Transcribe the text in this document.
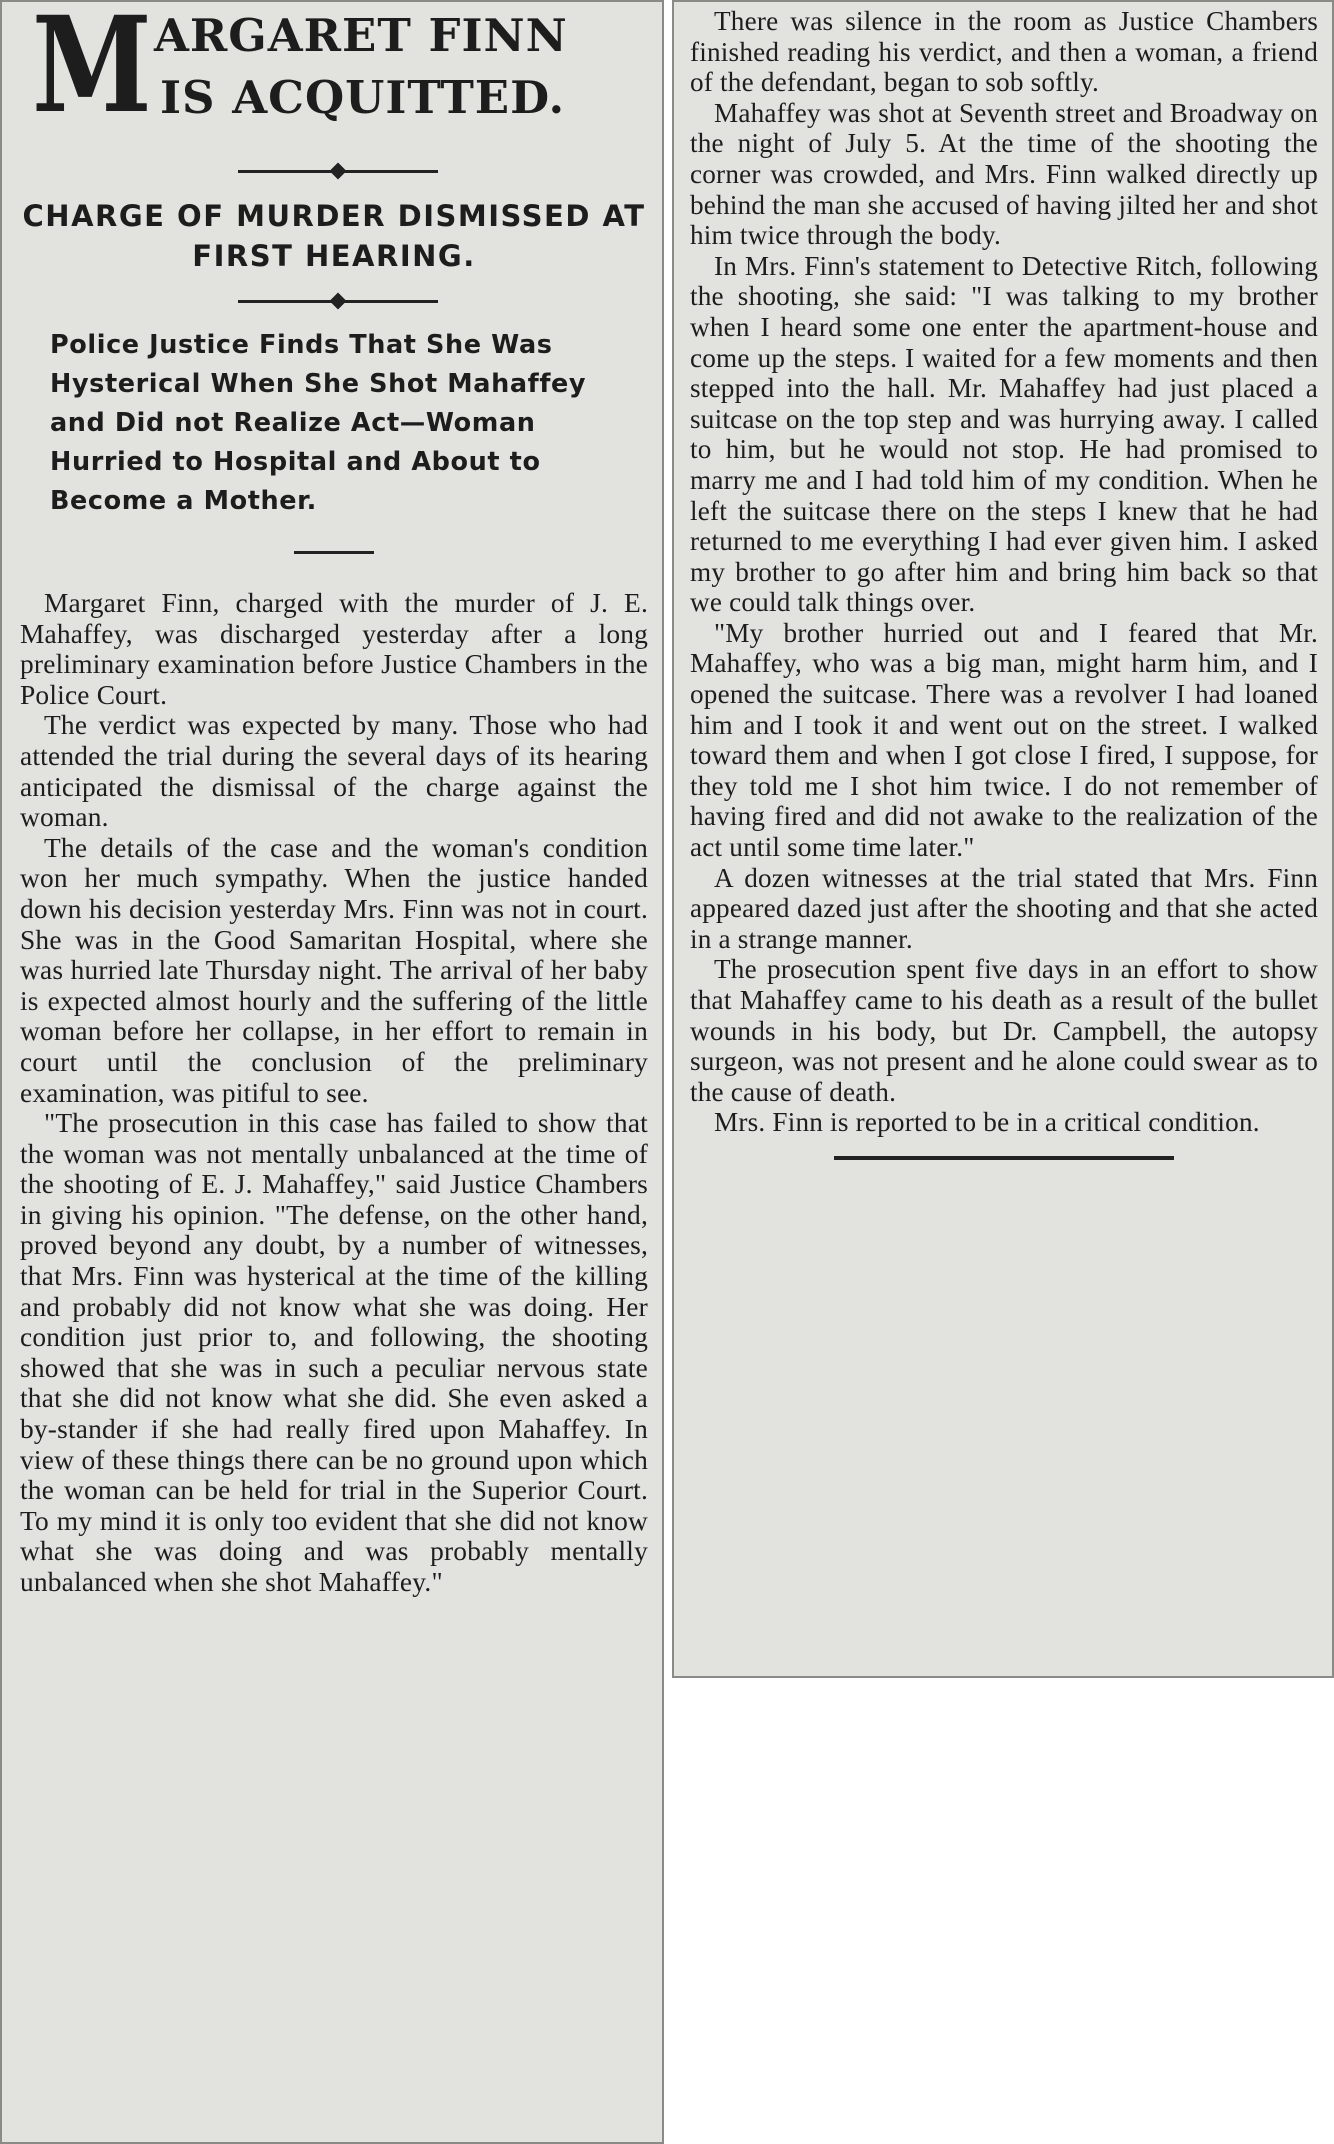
M ARGARET FINN
IS ACQUITTED.
CHARGE OF MURDER DISMISSED AT FIRST HEARING.
Police Justice Finds That She Was Hysterical When She Shot Mahaffey and Did not Realize Act—Woman Hurried to Hospital and About to Become a Mother.

Margaret Finn, charged with the murder of J. E. Mahaffey, was discharged yesterday after a long preliminary examination before Justice Chambers in the Police Court.

The verdict was expected by many. Those who had attended the trial during the several days of its hearing anticipated the dismissal of the charge against the woman.

The details of the case and the woman's condition won her much sympathy. When the justice handed down his decision yesterday Mrs. Finn was not in court. She was in the Good Samaritan Hospital, where she was hurried late Thursday night. The arrival of her baby is expected almost hourly and the suffering of the little woman before her collapse, in her effort to remain in court until the conclusion of the preliminary examination, was pitiful to see.

"The prosecution in this case has failed to show that the woman was not mentally unbalanced at the time of the shooting of E. J. Mahaffey," said Justice Chambers in giving his opinion. "The defense, on the other hand, proved beyond any doubt, by a number of witnesses, that Mrs. Finn was hysterical at the time of the killing and probably did not know what she was doing. Her condition just prior to, and following, the shooting showed that she was in such a peculiar nervous state that she did not know what she did. She even asked a by-stander if she had really fired upon Mahaffey. In view of these things there can be no ground upon which the woman can be held for trial in the Superior Court. To my mind it is only too evident that she did not know what she was doing and was probably mentally unbalanced when she shot Mahaffey."

There was silence in the room as Justice Chambers finished reading his verdict, and then a woman, a friend of the defendant, began to sob softly.

Mahaffey was shot at Seventh street and Broadway on the night of July 5. At the time of the shooting the corner was crowded, and Mrs. Finn walked directly up behind the man she accused of having jilted her and shot him twice through the body.

In Mrs. Finn's statement to Detective Ritch, following the shooting, she said: "I was talking to my brother when I heard some one enter the apartment-house and come up the steps. I waited for a few moments and then stepped into the hall. Mr. Mahaffey had just placed a suitcase on the top step and was hurrying away. I called to him, but he would not stop. He had promised to marry me and I had told him of my condition. When he left the suitcase there on the steps I knew that he had returned to me everything I had ever given him. I asked my brother to go after him and bring him back so that we could talk things over.

"My brother hurried out and I feared that Mr. Mahaffey, who was a big man, might harm him, and I opened the suitcase. There was a revolver I had loaned him and I took it and went out on the street. I walked toward them and when I got close I fired, I suppose, for they told me I shot him twice. I do not remember of having fired and did not awake to the realization of the act until some time later."

A dozen witnesses at the trial stated that Mrs. Finn appeared dazed just after the shooting and that she acted in a strange manner.

The prosecution spent five days in an effort to show that Mahaffey came to his death as a result of the bullet wounds in his body, but Dr. Campbell, the autopsy surgeon, was not present and he alone could swear as to the cause of death.

Mrs. Finn is reported to be in a critical condition.
